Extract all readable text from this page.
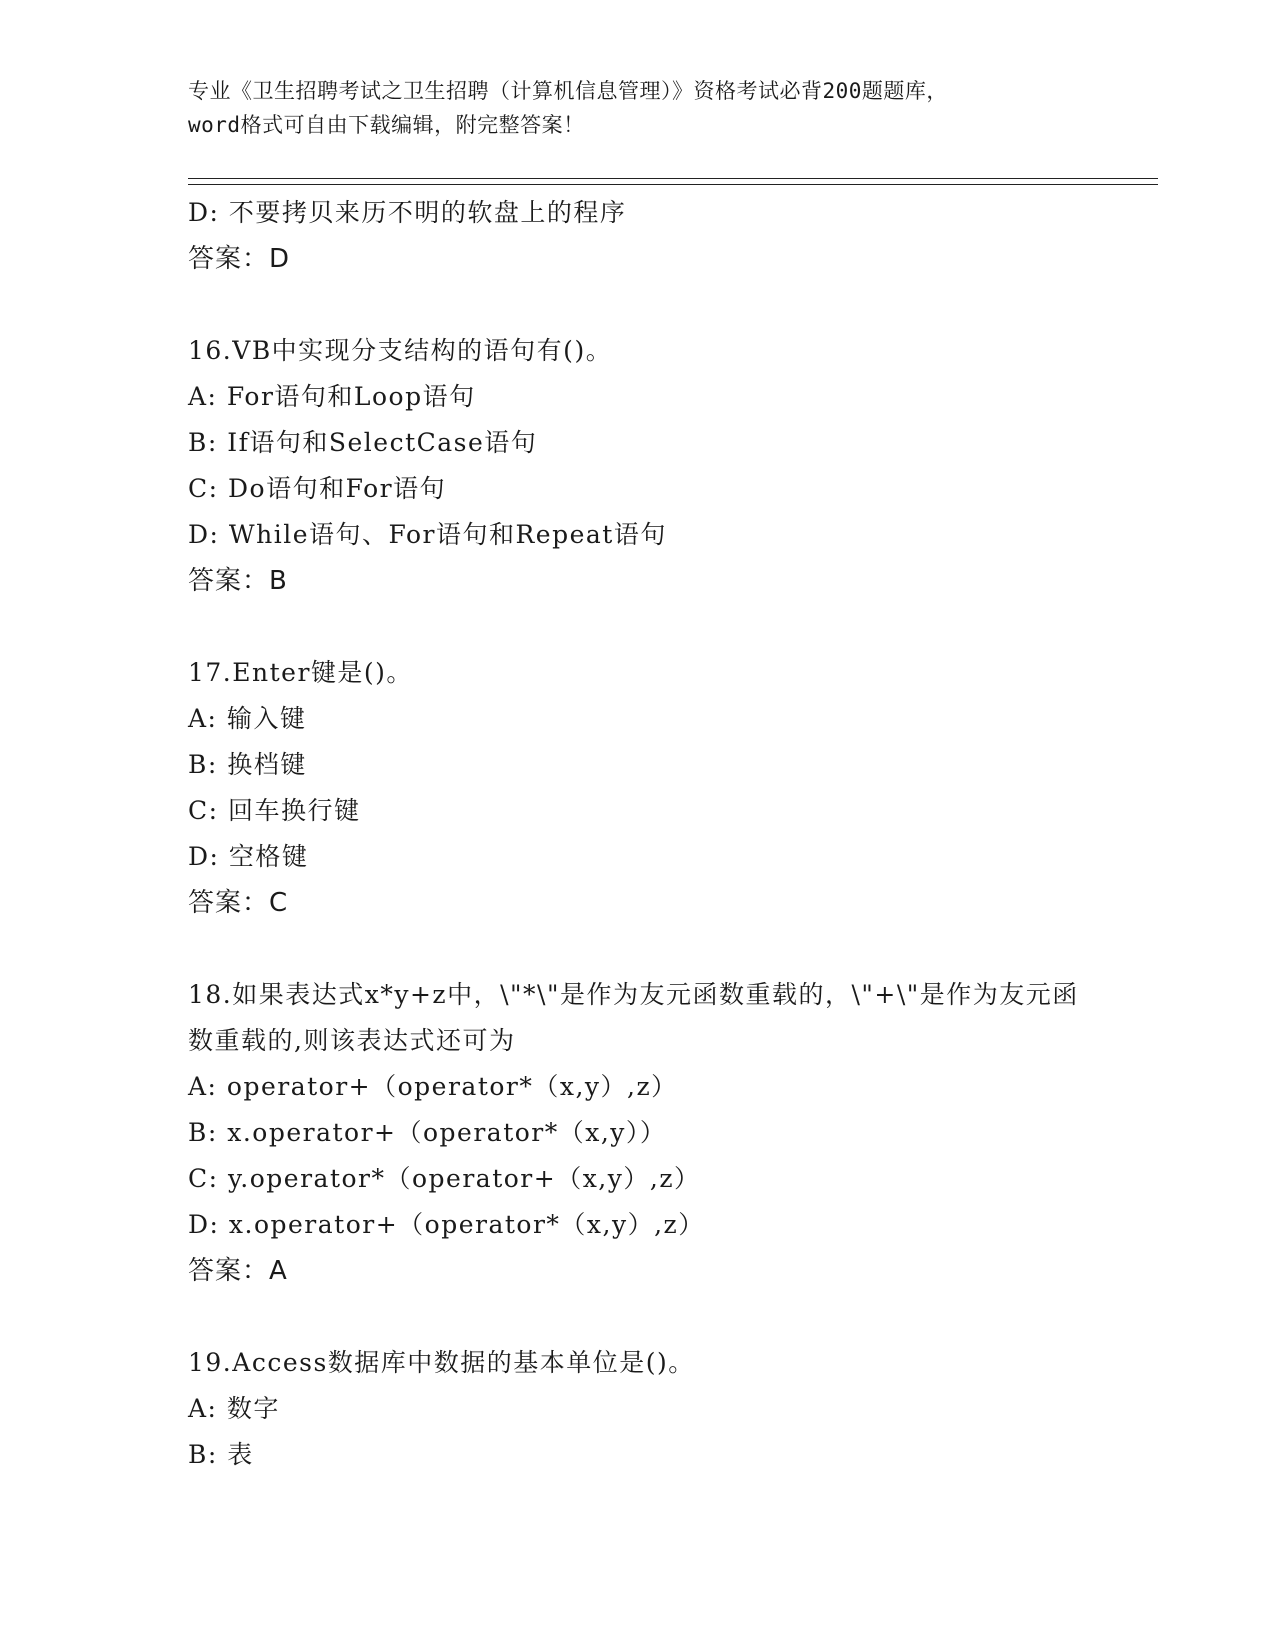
专业《卫生招聘考试之卫生招聘（计算机信息管理）》资格考试必背200题题库，
word格式可自由下载编辑，附完整答案！
D: 不要拷贝来历不明的软盘上的程序
答案：D
16.VB中实现分支结构的语句有()。
A: For语句和Loop语句
B: If语句和SelectCase语句
C: Do语句和For语句
D: While语句、For语句和Repeat语句
答案：B
17.Enter键是()。
A: 输入键
B: 换档键
C: 回车换行键
D: 空格键
答案：C
18.如果表达式x*y+z中，\"*\"是作为友元函数重载的，\"+\"是作为友元函数重载的,则该表达式还可为
A: operator+（operator*（x,y）,z）
B: x.operator+（operator*（x,y））
C: y.operator*（operator+（x,y）,z）
D: x.operator+（operator*（x,y）,z）
答案：A
19.Access数据库中数据的基本单位是()。
A: 数字
B: 表
